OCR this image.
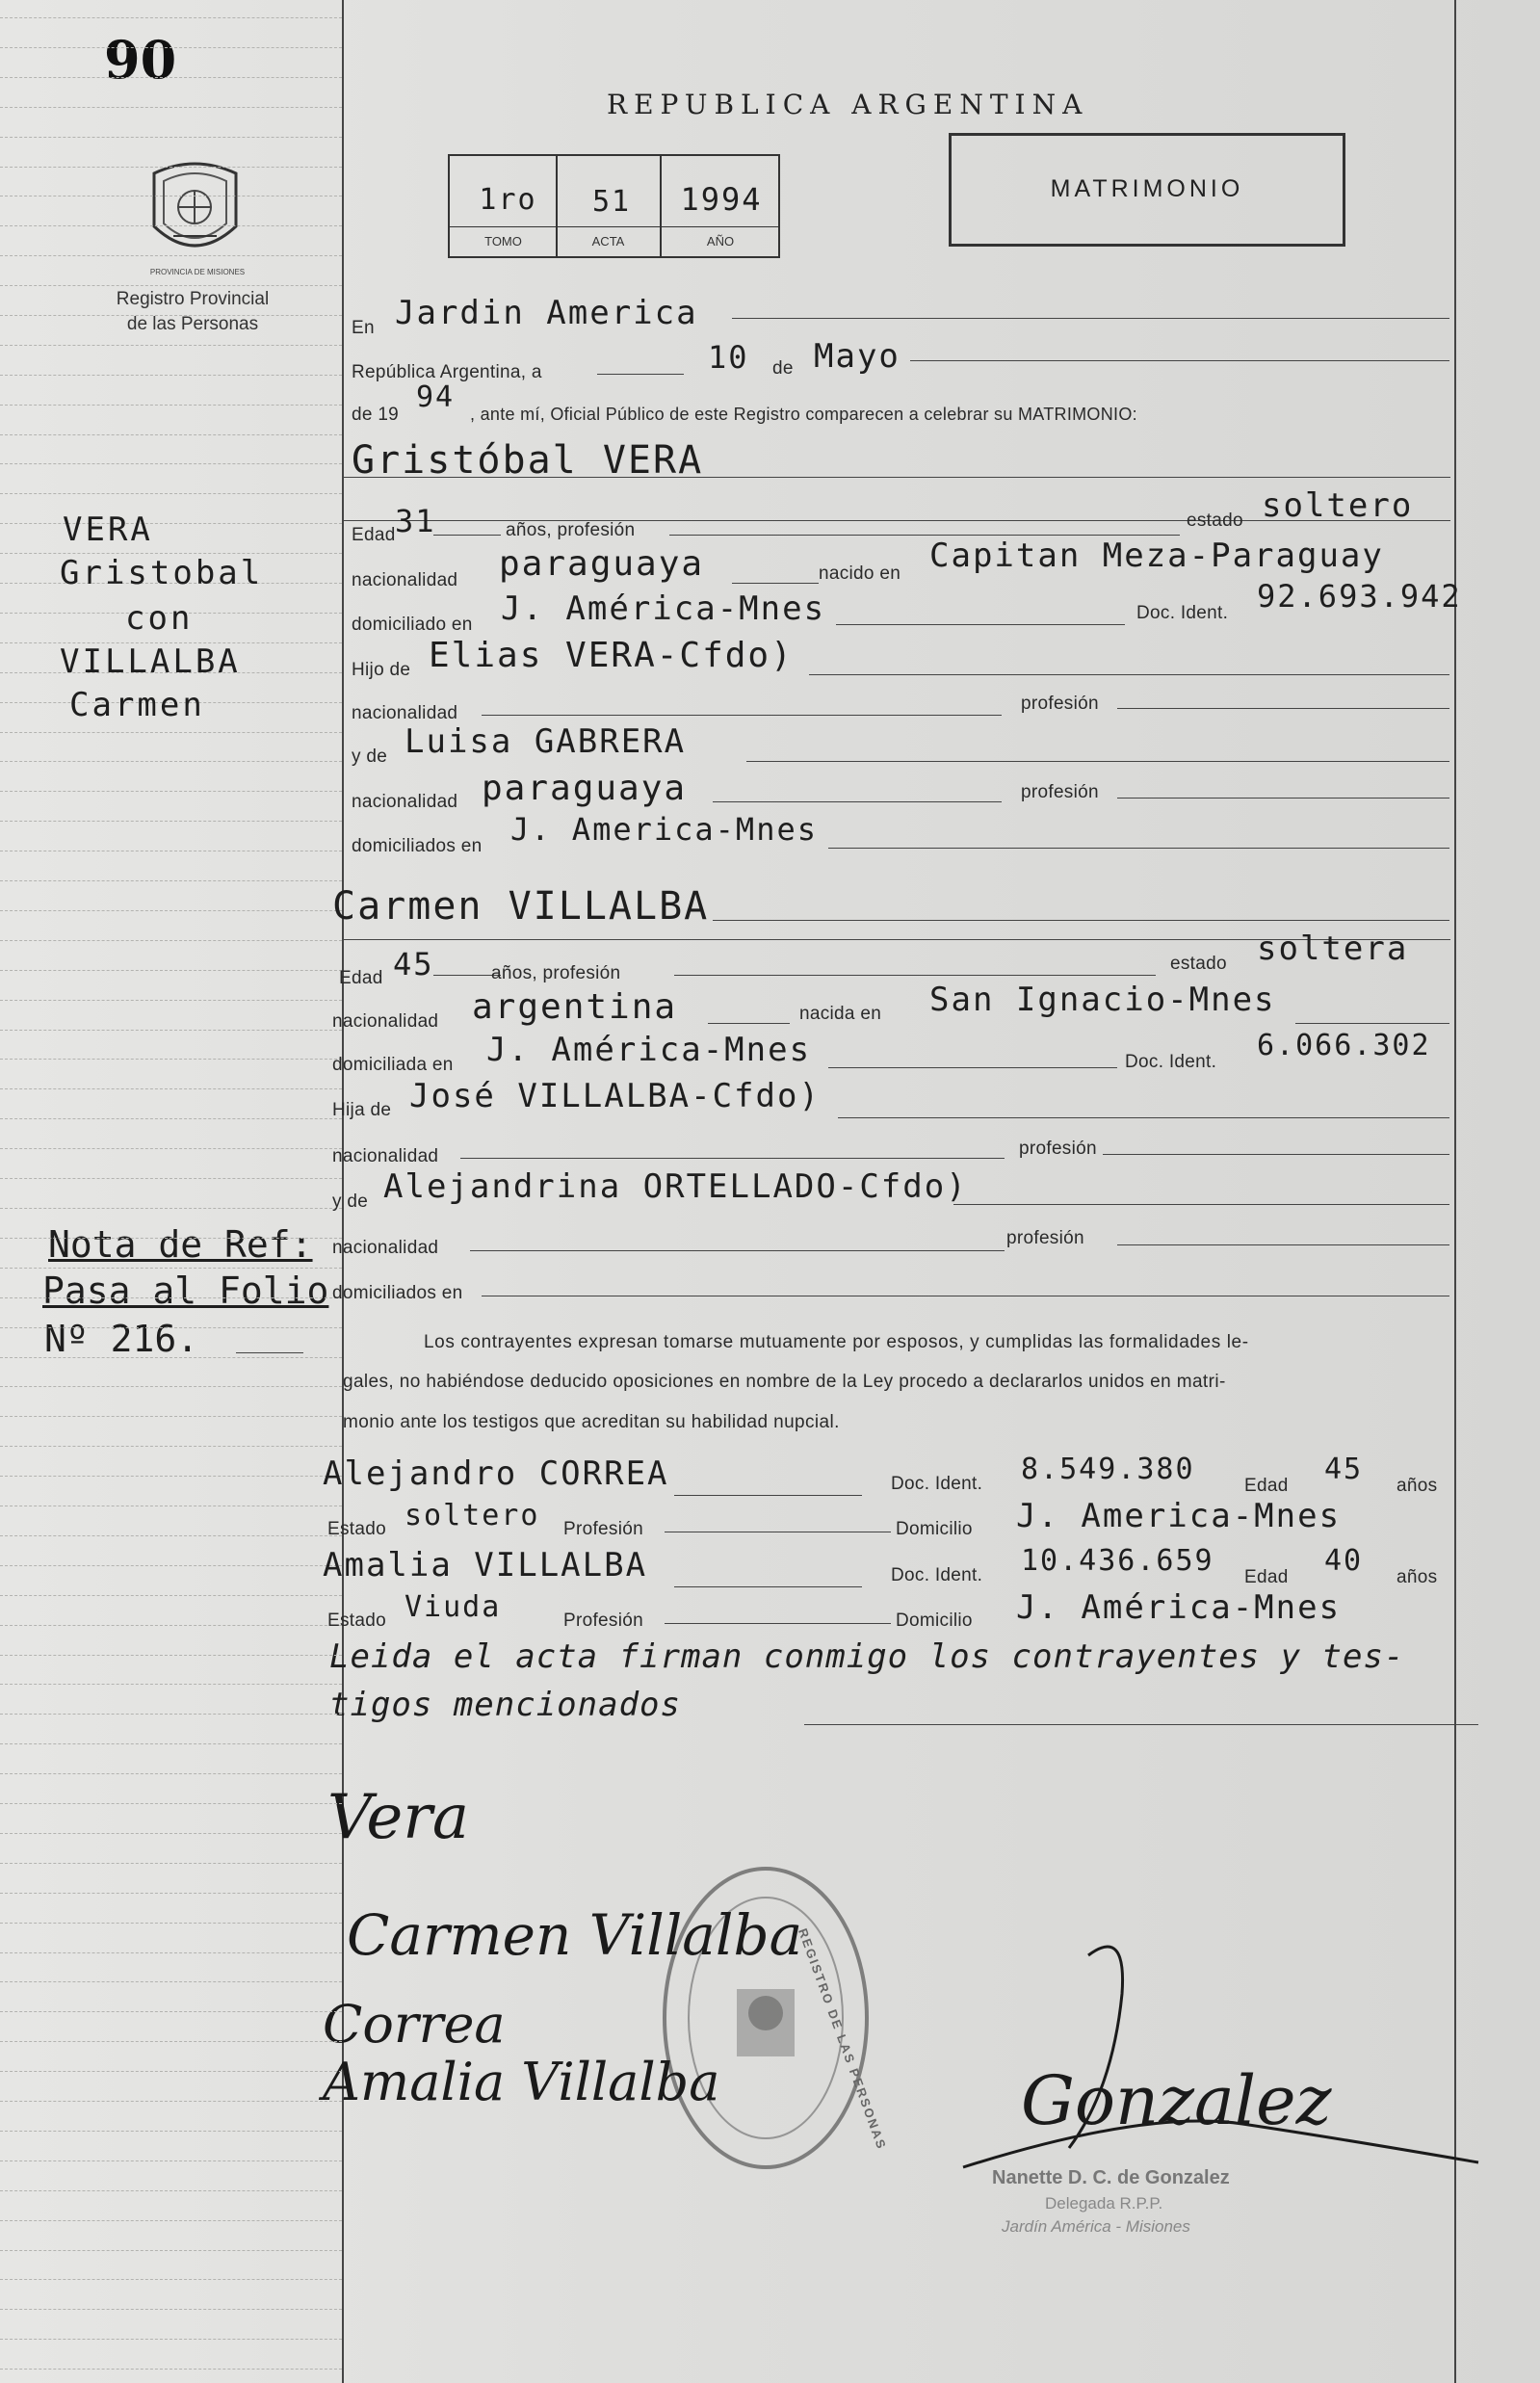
90
PROVINCIA DE MISIONES
Registro Provincial
de las Personas
REPUBLICA ARGENTINA
1ro	51	1994
TOMO	ACTA	AÑO
MATRIMONIO
Nota de Ref:
Pasa al Folio
Nº 216.	Los contrayentes expresan tomarse mutuamente por esposos, y cumplidas las formalidades le-
gales, no habiéndose deducido oposiciones en nombre de la Ley procedo a declararlos unidos en matri-
monio ante los testigos que acreditan su habilidad nupcial.
Leida el acta firman conmigo los contrayentes y tes-
tigos mencionados
REGISTRO DE LAS PERSONAS
Vera
Carmen Villalba
Correa
Amalia Villalba	Gonzalez
Nanette D. C. de Gonzalez
Delegada R.P.P.
Jardín América - Misiones
VERA
Gristobal
con
VILLALBA
Carmen
En Jardin America
República Argentina, a	10 de Mayo
de 19
94 , ante mí, Oficial Público de este Registro comparecen a celebrar su MATRIMONIO:
Gristóbal VERA
Edad 31	años, profesión	estado soltero
nacionalidad paraguaya	nacido en Capitan Meza-Paraguay
domiciliado en J. América-Mnes	Doc. Ident. 92.693.942
Hijo de Elias VERA-Cfdo)
nacionalidad	profesión
y de Luisa GABRERA
nacionalidad paraguaya	profesión
domiciliados en J. America-Mnes
Carmen VILLALBA
Edad 45	años, profesión	estado soltera
nacionalidad argentina	nacida en San Ignacio-Mnes
domiciliada en J. América-Mnes	Doc. Ident. 6.066.302
Hija de José VILLALBA-Cfdo)
nacionalidad	profesión
y de Alejandrina ORTELLADO-Cfdo)
nacionalidad	profesión
domiciliados en
Alejandro CORREA	Doc. Ident. 8.549.380	Edad 45 años
Estado soltero Profesión	Domicilio J. America-Mnes
Amalia VILLALBA	Doc. Ident. 10.436.659 Edad 40 años
Estado Viuda	Profesión	Domicilio J. América-Mnes
